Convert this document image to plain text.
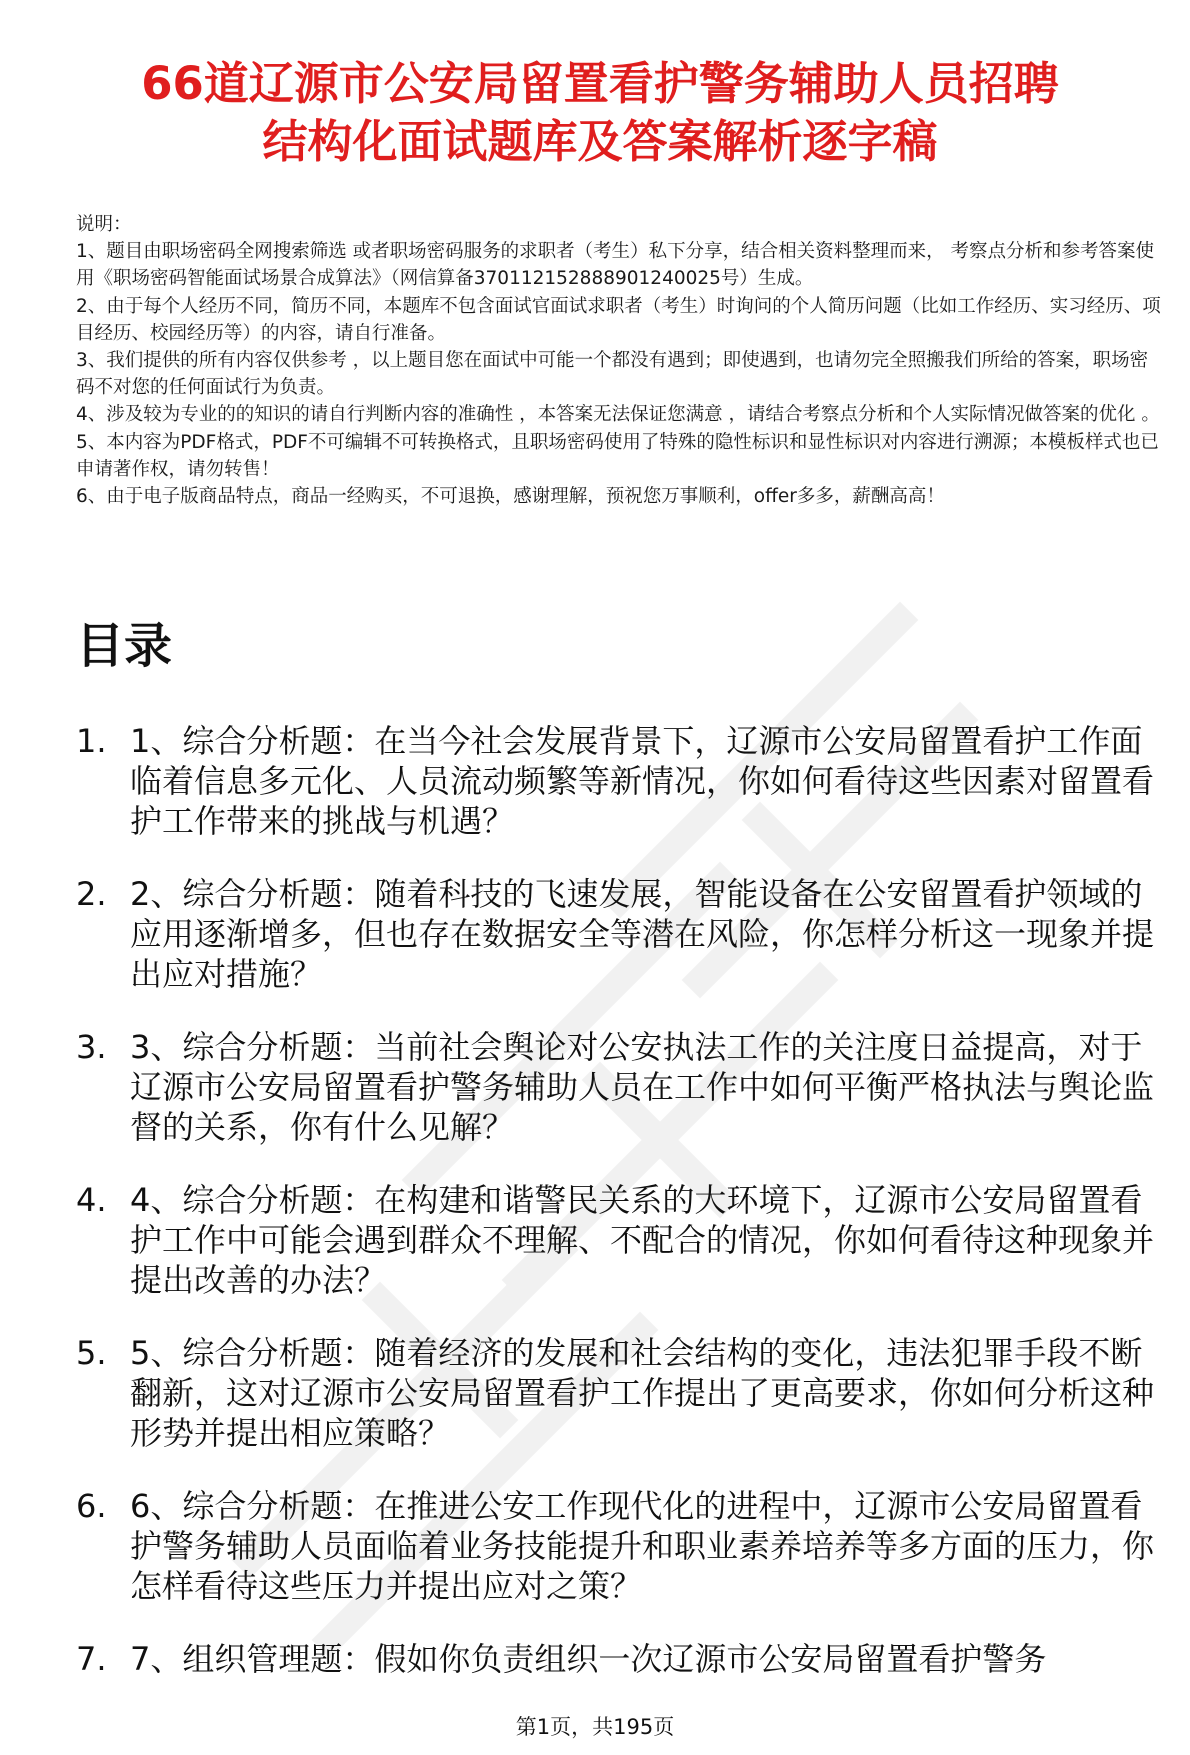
66道辽源市公安局留置看护警务辅助人员招聘
结构化面试题库及答案解析逐字稿

说明：

1、题目由职场密码全网搜索筛选 或者职场密码服务的求职者（考生）私下分享，结合相关资料整理而来， 考察点分析和参考答案使用《职场密码智能面试场景合成算法》（网信算备370112152888901240025号）生成。

2、由于每个人经历不同，简历不同，本题库不包含面试官面试求职者（考生）时询问的个人简历问题（比如工作经历、实习经历、项目经历、校园经历等）的内容，请自行准备。

3、我们提供的所有内容仅供参考 ，以上题目您在面试中可能一个都没有遇到；即使遇到，也请勿完全照搬我们所给的答案，职场密码不对您的任何面试行为负责。

4、涉及较为专业的的知识的请自行判断内容的准确性 ，本答案无法保证您满意 ，请结合考察点分析和个人实际情况做答案的优化 。

5、本内容为PDF格式，PDF不可编辑不可转换格式，且职场密码使用了特殊的隐性标识和显性标识对内容进行溯源；本模板样式也已申请著作权，请勿转售！

6、由于电子版商品特点，商品一经购买，不可退换，感谢理解，预祝您万事顺利，offer多多，薪酬高高！

目录
1. 1、综合分析题：在当今社会发展背景下，辽源市公安局留置看护工作面临着信息多元化、人员流动频繁等新情况，你如何看待这些因素对留置看护工作带来的挑战与机遇？
2. 2、综合分析题：随着科技的飞速发展，智能设备在公安留置看护领域的应用逐渐增多，但也存在数据安全等潜在风险，你怎样分析这一现象并提出应对措施？
3. 3、综合分析题：当前社会舆论对公安执法工作的关注度日益提高，对于辽源市公安局留置看护警务辅助人员在工作中如何平衡严格执法与舆论监督的关系，你有什么见解？
4. 4、综合分析题：在构建和谐警民关系的大环境下，辽源市公安局留置看护工作中可能会遇到群众不理解、不配合的情况，你如何看待这种现象并提出改善的办法？
5. 5、综合分析题：随着经济的发展和社会结构的变化，违法犯罪手段不断翻新，这对辽源市公安局留置看护工作提出了更高要求，你如何分析这种形势并提出相应策略？
6. 6、综合分析题：在推进公安工作现代化的进程中，辽源市公安局留置看护警务辅助人员面临着业务技能提升和职业素养培养等多方面的压力，你怎样看待这些压力并提出应对之策？
7. 7、组织管理题：假如你负责组织一次辽源市公安局留置看护警务
第1页，共195页
